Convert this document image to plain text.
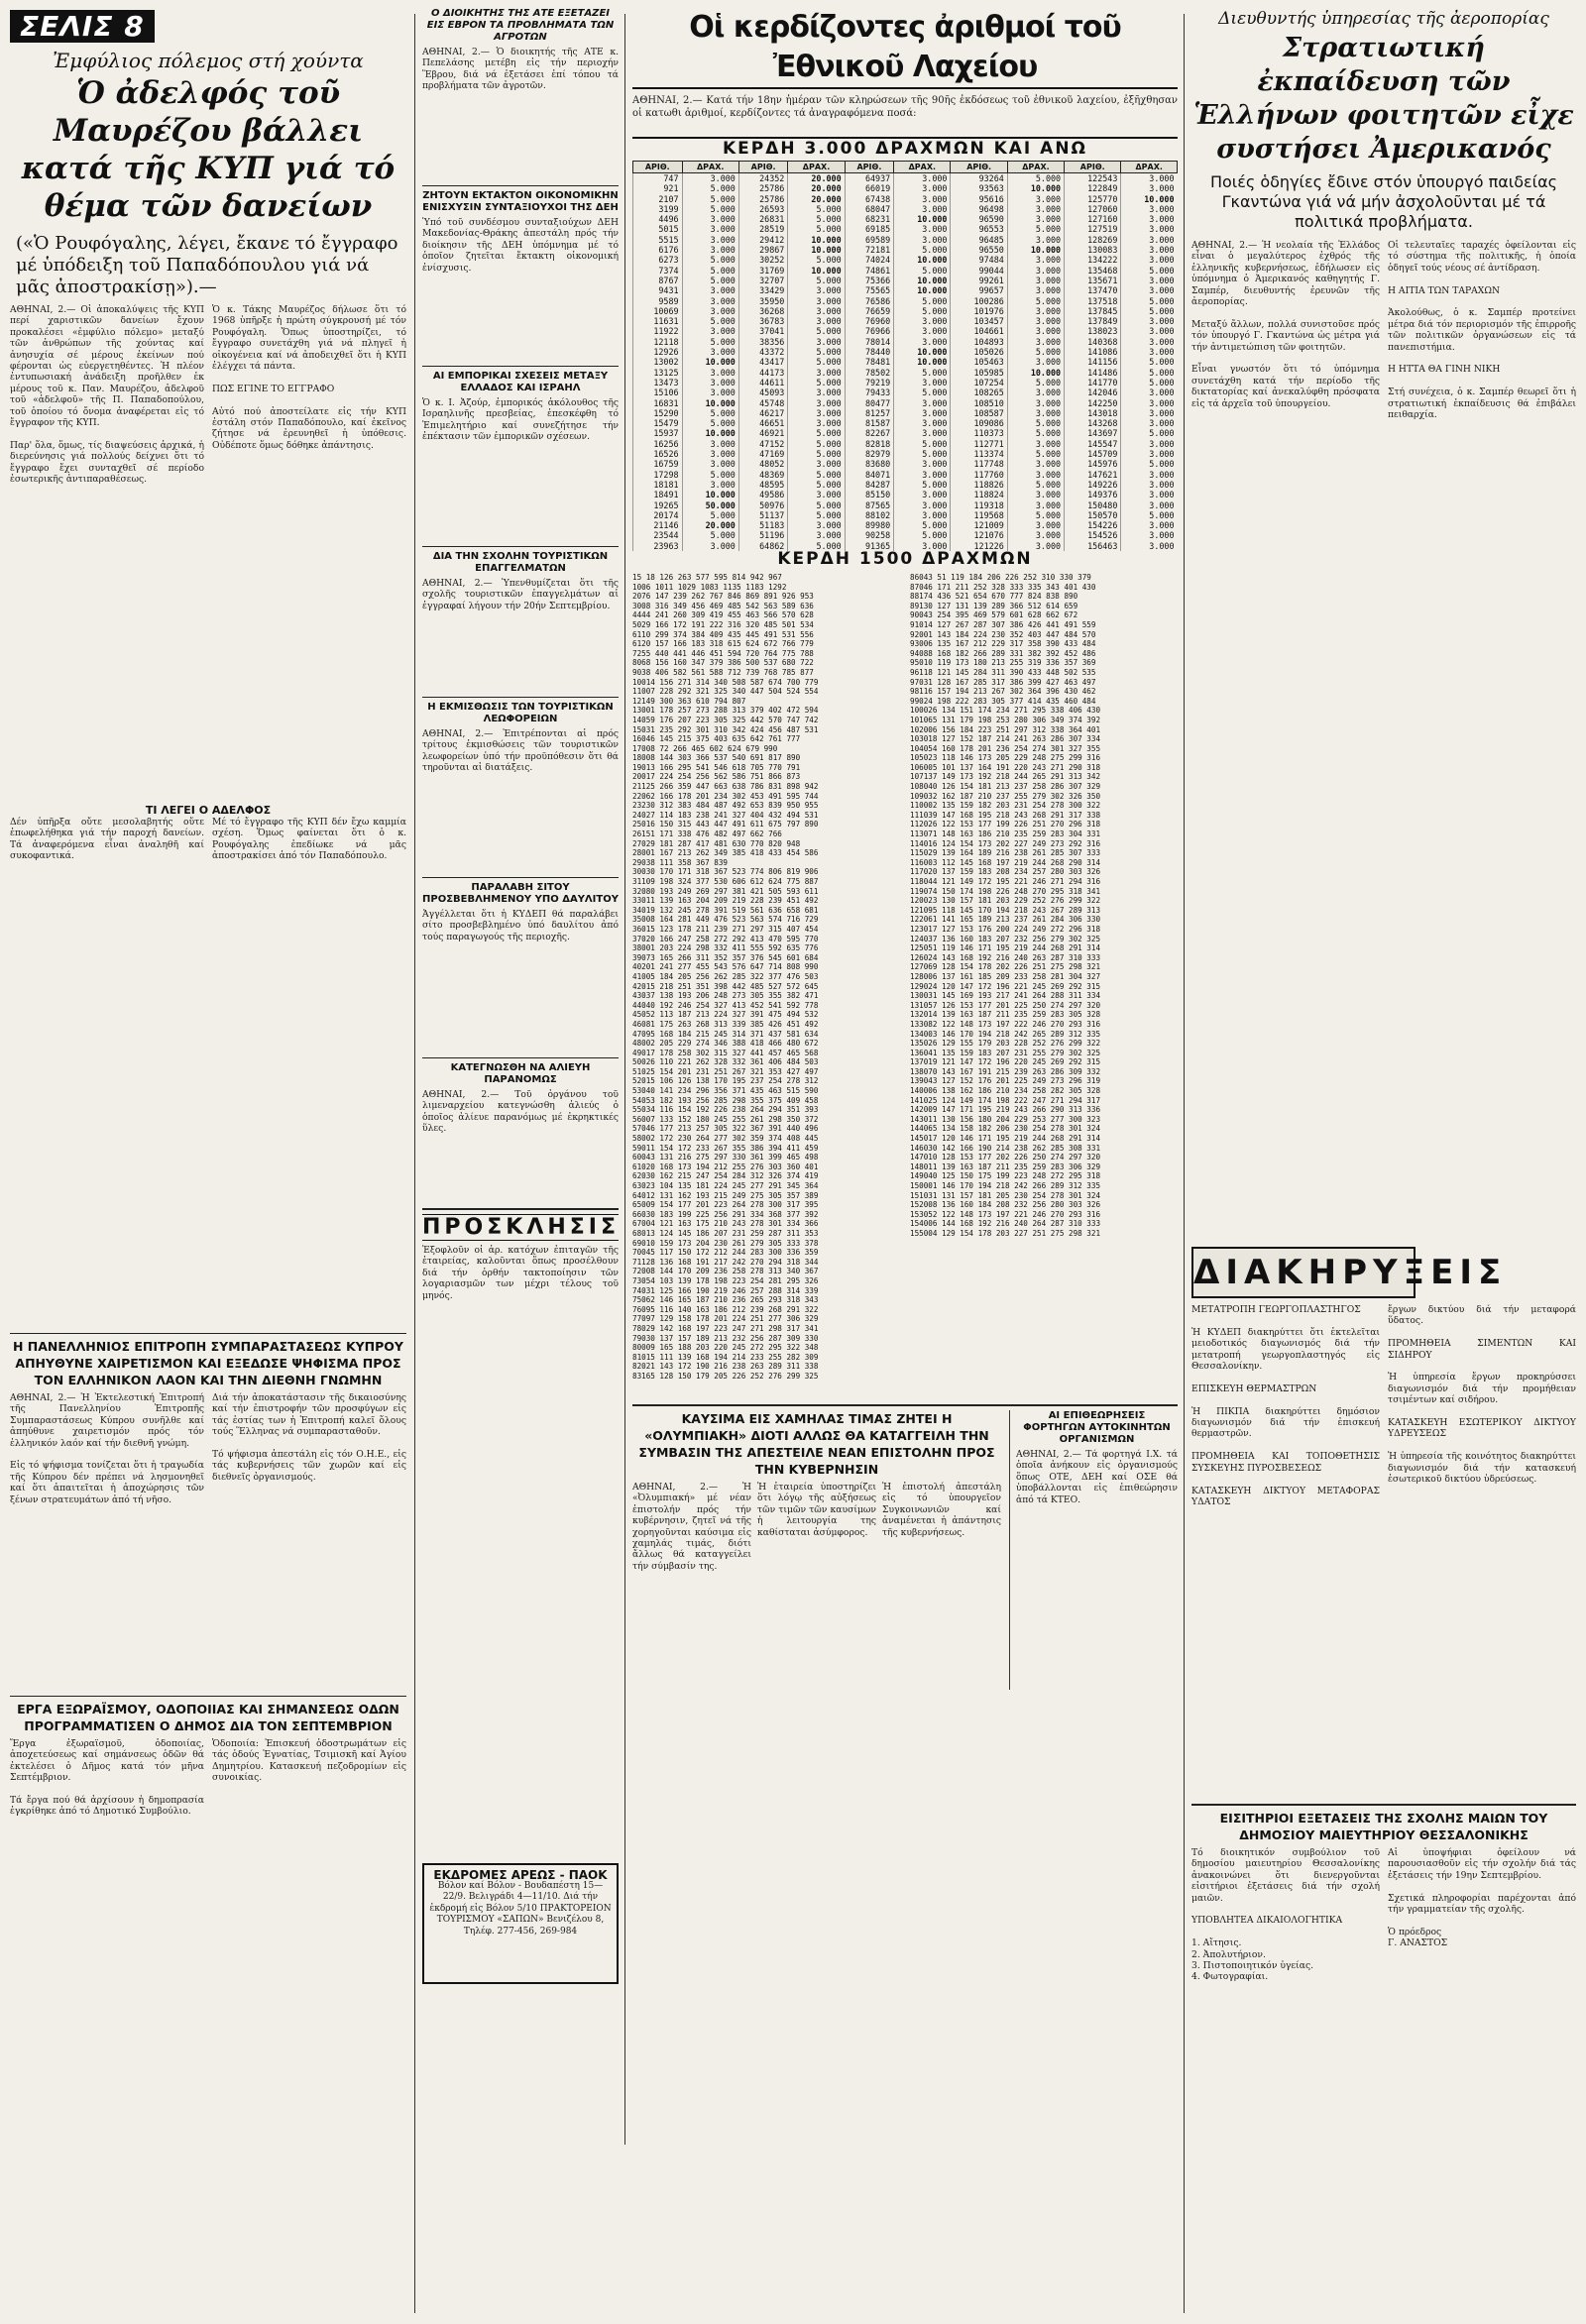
ΣΕΛΙΣ 8
Ἐμφύλιος πόλεμος στή χούντα
Ὁ ἀδελφός τοῦ Μαυρέζου βάλλει κατά τῆς ΚΥΠ γιά τό θέμα τῶν δανείων
(«Ὁ Ρουφόγαλης, λέγει, ἔκανε τό ἔγγραφο μέ ὑπόδειξη τοῦ Παπαδόπουλου γιά νά μᾶς ἀποστρακίσῃ»).—
ΑΘΗΝΑΙ, 2.— Οἱ ἀποκαλύψεις τῆς ΚΥΠ περί χαριστικῶν δανείων ἔχουν προκαλέσει «ἐμφύλιο πόλεμο» μεταξύ τῶν ἀνθρώπων τῆς χούντας καί ἀνησυχία σέ μέρους ἐκείνων πού φέρονται ὡς εὐεργετηθέντες. Ἡ πλέον ἐντυπωσιακή ἀνάδειξη προῆλθεν ἐκ μέρους τοῦ κ. Παν. Μαυρέζου, ἀδελφοῦ τοῦ «ἀδελφοῦ» τῆς Π. Παπαδοπούλου, τοῦ ὁποίου τό ὄνομα ἀναφέρεται εἰς τό ἔγγραφον τῆς ΚΥΠ.

Παρ' ὅλα, ὅμως, τίς διαψεύσεις ἀρχικά, ἡ διερεύνησις γιά πολλούς δείχνει ὅτι τό ἔγγραφο ἔχει συνταχθεῖ σέ περίοδο ἐσωτερικῆς ἀντιπαραθέσεως.
Ὁ κ. Τάκης Μαυρέζος δήλωσε ὅτι τό 1968 ὑπῆρξε ἡ πρώτη σύγκρουσή μέ τόν Ρουφόγαλη. Ὅπως ὑποστηρίζει, τό ἔγγραφο συνετάχθη γιά νά πληγεῖ ἡ οἰκογένεια καί νά ἀποδειχθεῖ ὅτι ἡ ΚΥΠ ἐλέγχει τά πάντα.

ΠΩΣ ΕΓΙΝΕ ΤΟ ΕΓΓΡΑΦΟ

Αὐτό πού ἀποστείλατε εἰς τήν ΚΥΠ ἐστάλη στόν Παπαδόπουλο, καί ἐκεῖνος ζήτησε νά ἐρευνηθεῖ ἡ ὑπόθεσις. Οὐδέποτε ὅμως δόθηκε ἀπάντησις.
ΤΙ ΛΕΓΕΙ Ο ΑΔΕΛΦΟΣ
Δέν ὑπῆρξα οὔτε μεσολαβητής οὔτε ἐπωφελήθηκα γιά τήν παροχή δανείων. Τά ἀναφερόμενα εἶναι ἀναληθῆ καί συκοφαντικά.

Μέ τό ἔγγραφο τῆς ΚΥΠ δέν ἔχω καμμία σχέση. Ὅμως φαίνεται ὅτι ὁ κ. Ρουφόγαλης ἐπεδίωκε νά μᾶς ἀποστρακίσει ἀπό τόν Παπαδόπουλο.
Η ΠΑΝΕΛΛΗΝΙΟΣ ΕΠΙΤΡΟΠΗ ΣΥΜΠΑΡΑΣΤΑΣΕΩΣ ΚΥΠΡΟΥ ΑΠΗΥΘΥΝΕ ΧΑΙΡΕΤΙΣΜΟΝ ΚΑΙ ΕΞΕΔΩΣΕ ΨΗΦΙΣΜΑ ΠΡΟΣ ΤΟΝ ΕΛΛΗΝΙΚΟΝ ΛΑΟΝ ΚΑΙ ΤΗΝ ΔΙΕΘΝΗ ΓΝΩΜΗΝ
ΑΘΗΝΑΙ, 2.— Ἡ Ἐκτελεστική Ἐπιτροπή τῆς Πανελληνίου Ἐπιτροπῆς Συμπαραστάσεως Κύπρου συνῆλθε καί ἀπηύθυνε χαιρετισμόν πρός τόν ἑλληνικόν λαόν καί τήν διεθνῆ γνώμη.

Εἰς τό ψήφισμα τονίζεται ὅτι ἡ τραγωδία τῆς Κύπρου δέν πρέπει νά λησμονηθεῖ καί ὅτι ἀπαιτεῖται ἡ ἀποχώρησις τῶν ξένων στρατευμάτων ἀπό τή νῆσο.
Διά τήν ἀποκατάστασιν τῆς δικαιοσύνης καί τήν ἐπιστροφήν τῶν προσφύγων εἰς τάς ἑστίας των ἡ Ἐπιτροπή καλεῖ ὅλους τούς Ἕλληνας νά συμπαρασταθοῦν.

Τό ψήφισμα ἀπεστάλη εἰς τόν Ο.Η.Ε., εἰς τάς κυβερνήσεις τῶν χωρῶν καί εἰς διεθνεῖς ὀργανισμούς.
ΕΡΓΑ ΕΞΩΡΑΪΣΜΟΥ, ΟΔΟΠΟΙΙΑΣ ΚΑΙ ΣΗΜΑΝΣΕΩΣ ΟΔΩΝ ΠΡΟΓΡΑΜΜΑΤΙΣΕΝ Ο ΔΗΜΟΣ ΔΙΑ ΤΟΝ ΣΕΠΤΕΜΒΡΙΟΝ
Ἔργα ἐξωραϊσμοῦ, ὁδοποιίας, ἀποχετεύσεως καί σημάνσεως ὁδῶν θά ἐκτελέσει ὁ Δῆμος κατά τόν μῆνα Σεπτέμβριον.

Τά ἔργα πού θά ἀρχίσουν ἡ δημοπρασία ἐγκρίθηκε ἀπό τό Δημοτικό Συμβούλιο.
Ὁδοποιία: Ἐπισκευή ὁδοστρωμάτων εἰς τάς ὁδούς Ἐγνατίας, Τσιμισκῆ καί Ἀγίου Δημητρίου. Κατασκευή πεζοδρομίων εἰς συνοικίας.
Ο ΔΙΟΙΚΗΤΗΣ ΤΗΣ ΑΤΕ ΕΞΕΤΑΖΕΙ ΕΙΣ ΕΒΡΟΝ ΤΑ ΠΡΟΒΛΗΜΑΤΑ ΤΩΝ ΑΓΡΟΤΩΝ
ΑΘΗΝΑΙ, 2.— Ὁ διοικητής τῆς ΑΤΕ κ. Πεπελάσης μετέβη εἰς τήν περιοχήν Ἕβρου, διά νά ἐξετάσει ἐπί τόπου τά προβλήματα τῶν ἀγροτῶν.
ΖΗΤΟΥΝ ΕΚΤΑΚΤΟΝ ΟΙΚΟΝΟΜΙΚΗΝ ΕΝΙΣΧΥΣΙΝ ΣΥΝΤΑΞΙΟΥΧΟΙ ΤΗΣ ΔΕΗ
Ὑπό τοῦ συνδέσμου συνταξιούχων ΔΕΗ Μακεδονίας-Θράκης ἀπεστάλη πρός τήν διοίκησιν τῆς ΔΕΗ ὑπόμνημα μέ τό ὁποῖον ζητεῖται ἔκτακτη οἰκονομική ἐνίσχυσις.
ΑΙ ΕΜΠΟΡΙΚΑΙ ΣΧΕΣΕΙΣ ΜΕΤΑΞΥ ΕΛΛΑΔΟΣ ΚΑΙ ΙΣΡΑΗΛ
Ὁ κ. Ι. Ἀζούρ, ἐμπορικός ἀκόλουθος τῆς Ισραηλινῆς πρεσβείας, ἐπεσκέφθη τό Ἐπιμελητήριο καί συνεζήτησε τήν ἐπέκτασιν τῶν ἐμπορικῶν σχέσεων.
ΔΙΑ ΤΗΝ ΣΧΟΛΗΝ ΤΟΥΡΙΣΤΙΚΩΝ ΕΠΑΓΓΕΛΜΑΤΩΝ
ΑΘΗΝΑΙ, 2.— Ὑπενθυμίζεται ὅτι τῆς σχολῆς τουριστικῶν ἐπαγγελμάτων αἱ ἐγγραφαί λήγουν τήν 20ήν Σεπτεμβρίου.
Η ΕΚΜΙΣΘΩΣΙΣ ΤΩΝ ΤΟΥΡΙΣΤΙΚΩΝ ΛΕΩΦΟΡΕΙΩΝ
ΑΘΗΝΑΙ, 2.— Ἐπιτρέπονται αἱ πρός τρίτους ἐκμισθώσεις τῶν τουριστικῶν λεωφορείων ὑπό τήν προϋπόθεσιν ὅτι θά τηροῦνται αἱ διατάξεις.
ΠΑΡΑΛΑΒΗ ΣΙΤΟΥ ΠΡΟΣΒΕΒΛΗΜΕΝΟΥ ΥΠΟ ΔΑΥΛΙΤΟΥ
Ἀγγέλλεται ὅτι ἡ ΚΥΔΕΠ θά παραλάβει σίτο προσβεβλημένο ὑπό δαυλίτου ἀπό τούς παραγωγούς τῆς περιοχῆς.
ΚΑΤΕΓΝΩΣΘΗ ΝΑ ΑΛΙΕΥΗ ΠΑΡΑΝΟΜΩΣ
ΑΘΗΝΑΙ, 2.— Τοῦ ὀργάνου τοῦ λιμεναρχείου κατεγνώσθη ἁλιεύς ὁ ὁποῖος ἀλίευε παρανόμως μέ ἐκρηκτικές ὕλες.
ΠΡΟΣΚΛΗΣΙΣ
Ἐξοφλοῦν οἱ ἀρ. κατόχων ἐπιταγῶν τῆς ἑταιρείας, καλοῦνται ὅπως προσέλθουν διά τήν ὀρθήν τακτοποίησιν τῶν λογαριασμῶν των μέχρι τέλους τοῦ μηνός.
ΕΚΔΡΟΜΕΣ ΑΡΕΩΣ - ΠΑΟΚ
Βόλον καί Βόλον - Βουδαπέστη 15—22/9. Βελιγράδι 4—11/10. Διά τήν ἐκδρομή εἰς Βόλον 5/10 ΠΡΑΚΤΟΡΕΙΟΝ ΤΟΥΡΙΣΜΟΥ «ΣΑΠΩΝ» Βενιζέλου 8, Τηλέφ. 277-456, 269-984
Οἱ κερδίζοντες ἀριθμοί τοῦ Ἐθνικοῦ Λαχείου
ΑΘΗΝΑΙ, 2.— Κατά τήν 18ην ἡμέραν τῶν κληρώσεων τῆς 90ῆς ἐκδόσεως τοῦ ἐθνικοῦ λαχείου, ἐξῆχθησαν οἱ κατωθι ἀριθμοί, κερδίζοντες τά ἀναγραφόμενα ποσά:
ΚΕΡΔΗ 3.000 ΔΡΑΧΜΩΝ ΚΑΙ ΑΝΩ
ΑΡΙΘ.	ΔΡΑΧ.	ΑΡΙΘ.	ΔΡΑΧ.	ΑΡΙΘ.	ΔΡΑΧ.	ΑΡΙΘ.	ΔΡΑΧ.	ΑΡΙΘ.	ΔΡΑΧ.
747	3.000	24352	20.000	64937	3.000	93264	5.000	122543	3.000
921	5.000	25786	20.000	66019	3.000	93563	10.000	122849	3.000
2107	5.000	25786	20.000	67438	3.000	95616	3.000	125770	10.000
3199	5.000	26593	5.000	68047	3.000	96498	3.000	127060	3.000
4496	3.000	26831	5.000	68231	10.000	96590	3.000	127160	3.000
5015	3.000	28519	5.000	69185	3.000	96553	5.000	127519	3.000
5515	3.000	29412	10.000	69589	3.000	96485	3.000	128269	3.000
6176	3.000	29867	10.000	72181	5.000	96550	10.000	130083	3.000
6273	5.000	30252	5.000	74024	10.000	97484	3.000	134222	3.000
7374	5.000	31769	10.000	74861	5.000	99044	3.000	135468	5.000
8767	5.000	32707	5.000	75366	10.000	99261	3.000	135671	3.000
9431	3.000	33429	3.000	75565	10.000	99657	3.000	137470	3.000
9589	3.000	35950	3.000	76586	5.000	100286	5.000	137518	5.000
10069	3.000	36268	3.000	76659	5.000	101976	3.000	137845	5.000
11631	5.000	36783	3.000	76960	3.000	103457	3.000	137849	3.000
11922	3.000	37041	5.000	76966	3.000	104661	3.000	138023	3.000
12118	5.000	38356	3.000	78014	3.000	104893	3.000	140368	3.000
12926	3.000	43372	5.000	78440	10.000	105026	5.000	141086	3.000
13002	10.000	43417	5.000	78481	10.000	105463	3.000	141156	5.000
13125	3.000	44173	3.000	78502	5.000	105985	10.000	141486	5.000
13473	3.000	44611	5.000	79219	3.000	107254	5.000	141770	5.000
15106	3.000	45093	3.000	79433	5.000	108265	3.000	142046	3.000
16831	10.000	45748	3.000	80477	3.000	108510	3.000	142250	3.000
15290	5.000	46217	3.000	81257	3.000	108587	3.000	143018	3.000
15479	5.000	46651	3.000	81587	3.000	109086	5.000	143268	3.000
15937	10.000	46921	5.000	82267	3.000	110373	5.000	143697	5.000
16256	3.000	47152	5.000	82818	5.000	112771	3.000	145547	3.000
16526	3.000	47169	5.000	82979	5.000	113374	5.000	145709	3.000
16759	3.000	48052	3.000	83680	3.000	117748	3.000	145976	5.000
17298	5.000	48369	5.000	84071	3.000	117760	3.000	147621	3.000
18181	3.000	48595	5.000	84287	5.000	118826	5.000	149226	3.000
18491	10.000	49586	3.000	85150	3.000	118824	3.000	149376	3.000
19265	50.000	50976	5.000	87565	3.000	119318	3.000	150480	3.000
20174	5.000	51137	5.000	88102	3.000	119568	5.000	150570	5.000
21146	20.000	51183	3.000	89980	5.000	121009	3.000	154226	3.000
23544	5.000	51196	3.000	90258	5.000	121076	3.000	154526	3.000
23963	3.000	64862	5.000	91365	3.000	121226	3.000	156463	3.000
ΚΕΡΔΗ 1500 ΔΡΑΧΜΩΝ
15 18 126 263 577 595 814 942 967
1006 1011 1029 1083 1135 1183 1292
2076 147 239 262 767 846 869 891 926 953
3008 316 349 456 469 485 542 563 589 636
4444 241 260 309 419 455 463 566 570 628
5029 166 172 191 222 316 320 485 501 534
6110 299 374 384 409 435 445 491 531 556
6120 157 166 183 318 615 624 672 766 779
7255 440 441 446 451 594 720 764 775 788
8068 156 160 347 379 386 500 537 680 722
9038 406 582 561 588 712 739 768 785 877
10014 156 271 314 340 508 587 674 700 779
11007 228 292 321 325 340 447 504 524 554
12149 300 363 610 794 807
13001 178 257 273 288 313 379 402 472 594
14059 176 207 223 305 325 442 570 747 742
15031 235 292 301 310 342 424 456 487 531
16046 145 215 375 403 635 642 761 777
17008 72 266 465 602 624 679 990
18008 144 303 366 537 540 691 817 890
19013 166 295 541 546 618 705 770 791
20017 224 254 256 562 586 751 866 873
21125 266 359 447 663 638 786 831 898 942
22062 166 178 201 234 302 453 491 595 744
23230 312 383 484 487 492 653 839 950 955
24027 114 183 238 241 327 404 432 494 531
25016 150 315 443 447 491 611 675 797 890
26151 171 338 476 482 497 662 766
27029 181 287 417 481 630 770 820 948
28001 167 213 262 349 385 418 433 454 586
29038 111 358 367 839
30030 170 171 318 367 523 774 806 819 906
31109 198 324 377 530 606 612 624 775 887
32080 193 249 269 297 381 421 505 593 611
33011 139 163 204 209 219 228 239 451 492
34019 132 245 278 391 519 561 636 658 681
35008 164 281 449 476 523 563 574 716 729
36015 123 178 211 239 271 297 315 407 454
37020 166 247 258 272 292 413 470 595 770
38001 203 224 298 332 411 555 592 635 776
39073 165 266 311 352 357 376 545 601 684
40201 241 277 455 543 576 647 714 808 990
41005 184 205 256 262 285 322 377 476 503
42015 218 251 351 398 442 485 527 572 645
43037 138 193 206 248 273 305 355 382 471
44040 192 246 254 327 413 452 541 592 778
45052 113 187 213 224 327 391 475 494 532
46081 175 263 268 313 339 385 426 451 492
47095 168 184 215 245 314 371 437 581 634
48002 205 229 274 346 388 418 466 480 672
49017 178 258 302 315 327 441 457 465 568
50026 110 221 262 328 332 361 406 484 503
51025 154 201 231 251 267 321 353 427 497
52015 106 126 138 170 195 237 254 278 312
53040 141 234 296 356 371 435 463 515 590
54053 182 193 256 285 298 355 375 409 458
55034 116 154 192 226 238 264 294 351 393
56007 133 152 180 245 255 261 298 350 372
57046 177 213 257 305 322 367 391 440 496
58002 172 230 264 277 302 359 374 408 445
59011 154 172 233 267 355 386 394 411 459
60043 131 216 275 297 330 361 399 465 498
61020 168 173 194 212 255 276 303 360 401
62030 162 215 247 254 284 312 326 374 419
63023 104 135 181 224 245 277 291 345 364
64012 131 162 193 215 249 275 305 357 389
65009 154 177 201 223 264 278 300 317 395
66030 183 199 225 256 291 334 368 377 392
67004 121 163 175 210 243 278 301 334 366
68013 124 145 186 207 231 259 287 311 353
69010 159 173 204 230 261 279 305 333 378
70045 117 150 172 212 244 283 300 336 359
71128 136 168 191 217 242 270 294 318 344
72008 144 170 209 236 258 278 313 340 367
73054 103 139 178 198 223 254 281 295 326
74031 125 166 190 219 246 257 288 314 339
75062 146 165 187 210 236 265 293 318 343
76095 116 140 163 186 212 239 268 291 322
77097 129 158 178 201 224 251 277 306 329
78029 142 168 197 223 247 271 298 317 341
79030 137 157 189 213 232 256 287 309 330
80009 165 188 203 220 245 272 295 322 348
81015 111 139 168 194 214 233 255 282 309
82021 143 172 190 216 238 263 289 311 338
83165 128 150 179 205 226 252 276 299 325
86043 51 119 184 206 226 252 310 330 379
87046 171 211 252 328 333 335 343 401 430
88174 436 521 654 670 777 824 838 890
89130 127 131 139 289 366 512 614 659
90043 254 395 469 579 601 628 662 672
91014 127 267 287 307 386 426 441 491 559
92001 143 184 224 230 352 403 447 484 570
93006 135 167 212 229 317 358 390 433 484
94088 168 182 266 289 331 382 392 452 486
95010 119 173 180 213 255 319 336 357 369
96118 121 145 284 311 390 433 448 502 535
97031 128 167 285 317 386 399 427 463 497
98116 157 194 213 267 302 364 396 430 462
99024 198 222 283 305 377 414 435 460 484
100026 134 151 174 234 271 295 338 406 430
101065 131 179 198 253 280 306 349 374 392
102006 156 184 223 251 297 312 338 364 401
103018 127 152 187 214 241 263 286 307 334
104054 160 178 201 236 254 274 301 327 355
105023 118 146 173 205 229 248 275 299 316
106005 101 137 164 191 220 243 271 290 318
107137 149 173 192 218 244 265 291 313 342
108040 126 154 181 213 237 258 286 307 329
109032 162 187 210 237 255 279 302 326 350
110002 135 159 182 203 231 254 278 300 322
111039 147 168 195 218 243 268 291 317 338
112026 122 153 177 199 226 251 270 296 318
113071 148 163 186 210 235 259 283 304 331
114016 124 154 173 202 227 249 273 292 316
115029 139 164 189 216 238 261 285 307 333
116003 112 145 168 197 219 244 268 290 314
117020 137 159 183 208 234 257 280 303 326
118044 121 149 172 195 221 246 271 294 316
119074 150 174 198 226 248 270 295 318 341
120023 130 157 181 203 229 252 276 299 322
121095 118 145 170 194 218 243 267 289 313
122061 141 165 189 213 237 261 284 306 330
123017 127 153 176 200 224 249 272 296 318
124037 136 160 183 207 232 256 279 302 325
125051 119 146 171 195 219 244 268 291 314
126024 143 168 192 216 240 263 287 310 333
127069 128 154 178 202 226 251 275 298 321
128006 137 161 185 209 233 258 281 304 327
129024 120 147 172 196 221 245 269 292 315
130031 145 169 193 217 241 264 288 311 334
131057 126 153 177 201 225 250 274 297 320
132014 139 163 187 211 235 259 283 305 328
133082 122 148 173 197 222 246 270 293 316
134003 146 170 194 218 242 265 289 312 335
135026 129 155 179 203 228 252 276 299 322
136041 135 159 183 207 231 255 279 302 325
137019 121 147 172 196 220 245 269 292 315
138070 143 167 191 215 239 263 286 309 332
139043 127 152 176 201 225 249 273 296 319
140006 138 162 186 210 234 258 282 305 328
141025 124 149 174 198 222 247 271 294 317
142009 147 171 195 219 243 266 290 313 336
143011 130 156 180 204 229 253 277 300 323
144065 134 158 182 206 230 254 278 301 324
145017 120 146 171 195 219 244 268 291 314
146030 142 166 190 214 238 262 285 308 331
147010 128 153 177 202 226 250 274 297 320
148011 139 163 187 211 235 259 283 306 329
149040 125 150 175 199 223 248 272 295 318
150001 146 170 194 218 242 266 289 312 335
151031 131 157 181 205 230 254 278 301 324
152008 136 160 184 208 232 256 280 303 326
153052 122 148 173 197 221 246 270 293 316
154006 144 168 192 216 240 264 287 310 333
155004 129 154 178 203 227 251 275 298 321
ΚΑΥΣΙΜΑ ΕΙΣ ΧΑΜΗΛΑΣ ΤΙΜΑΣ ΖΗΤΕΙ Η «ΟΛΥΜΠΙΑΚΗ» ΔΙΟΤΙ ΑΛΛΩΣ ΘΑ ΚΑΤΑΓΓΕΙΛΗ ΤΗΝ ΣΥΜΒΑΣΙΝ ΤΗΣ ΑΠΕΣΤΕΙΛΕ ΝΕΑΝ ΕΠΙΣΤΟΛΗΝ ΠΡΟΣ ΤΗΝ ΚΥΒΕΡΝΗΣΙΝ
ΑΘΗΝΑΙ, 2.— Ἡ «Ὀλυμπιακή» μέ νέαν ἐπιστολήν πρός τήν κυβέρνησιν, ζητεῖ νά τῆς χορηγοῦνται καύσιμα εἰς χαμηλάς τιμάς, διότι ἄλλως θά καταγγείλει τήν σύμβασίν της.
Ἡ ἑταιρεία ὑποστηρίζει ὅτι λόγῳ τῆς αὐξήσεως τῶν τιμῶν τῶν καυσίμων ἡ λειτουργία της καθίσταται ἀσύμφορος.
Ἡ ἐπιστολή ἀπεστάλη εἰς τό ὑπουργεῖον Συγκοινωνιῶν καί ἀναμένεται ἡ ἀπάντησις τῆς κυβερνήσεως.
ΑΙ ΕΠΙΘΕΩΡΗΣΕΙΣ ΦΟΡΤΗΓΩΝ ΑΥΤΟΚΙΝΗΤΩΝ ΟΡΓΑΝΙΣΜΩΝ
ΑΘΗΝΑΙ, 2.— Τά φορτηγά Ι.Χ. τά ὁποῖα ἀνήκουν εἰς ὀργανισμούς ὅπως ΟΤΕ, ΔΕΗ καί ΟΣΕ θά ὑποβάλλονται εἰς ἐπιθεώρησιν ἀπό τά ΚΤΕΟ.
Διευθυντής ὑπηρεσίας τῆς ἀεροπορίας
Στρατιωτική ἐκπαίδευση τῶν Ἑλλήνων φοιτητῶν εἶχε συστήσει Ἀμερικανός
Ποιές ὁδηγίες ἔδινε στόν ὑπουργό παιδείας Γκαντώνα γιά νά μήν ἀσχολοῦνται μέ τά πολιτικά προβλήματα.
ΑΘΗΝΑΙ, 2.— Ἡ νεολαία τῆς Ἑλλάδος εἶναι ὁ μεγαλύτερος ἐχθρός τῆς ἑλληνικῆς κυβερνήσεως, ἐδήλωσεν εἰς ὑπόμνημα ὁ Ἀμερικανός καθηγητής Γ. Σαμπέρ, διευθυντής ἐρευνῶν τῆς ἀεροπορίας.

Μεταξύ ἄλλων, πολλά συνιστοῦσε πρός τόν ὑπουργό Γ. Γκαντώνα ὡς μέτρα γιά τήν ἀντιμετώπιση τῶν φοιτητῶν.

Εἶναι γνωστόν ὅτι τό ὑπόμνημα συνετάχθη κατά τήν περίοδο τῆς δικτατορίας καί ἀνεκαλύφθη πρόσφατα εἰς τά ἀρχεῖα τοῦ ὑπουργείου.
Οἱ τελευταῖες ταραχές ὀφείλονται εἰς τό σύστημα τῆς πολιτικῆς, ἡ ὁποία ὁδηγεῖ τούς νέους σέ ἀντίδραση.

Η ΑΙΤΙΑ ΤΩΝ ΤΑΡΑΧΩΝ

Ἀκολούθως, ὁ κ. Σαμπέρ προτείνει μέτρα διά τόν περιορισμόν τῆς ἐπιρροῆς τῶν πολιτικῶν ὀργανώσεων εἰς τά πανεπιστήμια.

Η ΗΤΤΑ ΘΑ ΓΙΝΗ ΝΙΚΗ

Στή συνέχεια, ὁ κ. Σαμπέρ θεωρεῖ ὅτι ἡ στρατιωτική ἐκπαίδευσις θά ἐπιβάλει πειθαρχία.
ΔΙΑΚΗΡΥΞΕΙΣ
ΜΕΤΑΤΡΟΠΗ ΓΕΩΡΓΟΠΛΑΣΤΗΓΟΣ

Ἡ ΚΥΔΕΠ διακηρύττει ὅτι ἐκτελεῖται μειοδοτικός διαγωνισμός διά τήν μετατροπή γεωργοπλαστηγός εἰς Θεσσαλονίκην.

ΕΠΙΣΚΕΥΗ ΘΕΡΜΑΣΤΡΩΝ

Ἡ ΠΙΚΠΑ διακηρύττει δημόσιον διαγωνισμόν διά τήν ἐπισκευή θερμαστρῶν.

ΠΡΟΜΗΘΕΙΑ ΚΑΙ ΤΟΠΟΘΕΤΗΣΙΣ ΣΥΣΚΕΥΗΣ ΠΥΡΟΣΒΕΣΕΩΣ

ΚΑΤΑΣΚΕΥΗ ΔΙΚΤΥΟΥ ΜΕΤΑΦΟΡΑΣ ΥΔΑΤΟΣ
ἔργων δικτύου διά τήν μεταφορά ὕδατος.

ΠΡΟΜΗΘΕΙΑ ΣΙΜΕΝΤΩΝ ΚΑΙ ΣΙΔΗΡΟΥ

Ἡ ὑπηρεσία ἔργων προκηρύσσει διαγωνισμόν διά τήν προμήθειαν τσιμέντων καί σιδήρου.

ΚΑΤΑΣΚΕΥΗ ΕΣΩΤΕΡΙΚΟΥ ΔΙΚΤΥΟΥ ΥΔΡΕΥΣΕΩΣ

Ἡ ὑπηρεσία τῆς κοινότητος διακηρύττει διαγωνισμόν διά τήν κατασκευή ἐσωτερικοῦ δικτύου ὑδρεύσεως.
ΕΙΣΙΤΗΡΙΟΙ ΕΞΕΤΑΣΕΙΣ ΤΗΣ ΣΧΟΛΗΣ ΜΑΙΩΝ ΤΟΥ ΔΗΜΟΣΙΟΥ ΜΑΙΕΥΤΗΡΙΟΥ ΘΕΣΣΑΛΟΝΙΚΗΣ
Τό διοικητικόν συμβούλιον τοῦ δημοσίου μαιευτηρίου Θεσσαλονίκης ἀνακοινώνει ὅτι διενεργοῦνται εἰσιτήριοι ἐξετάσεις διά τήν σχολή μαιῶν.

ΥΠΟΒΛΗΤΕΑ ΔΙΚΑΙΟΛΟΓΗΤΙΚΑ

1. Αἴτησις.
2. Ἀπολυτήριον.
3. Πιστοποιητικόν ὑγείας.
4. Φωτογραφίαι.
Αἱ ὑποψήφιαι ὀφείλουν νά παρουσιασθοῦν εἰς τήν σχολήν διά τάς ἐξετάσεις τήν 19ην Σεπτεμβρίου.

Σχετικά πληροφορίαι παρέχονται ἀπό τήν γραμματείαν τῆς σχολῆς.

Ὁ πρόεδρος
Γ. ΑΝΑΣΤΟΣ
